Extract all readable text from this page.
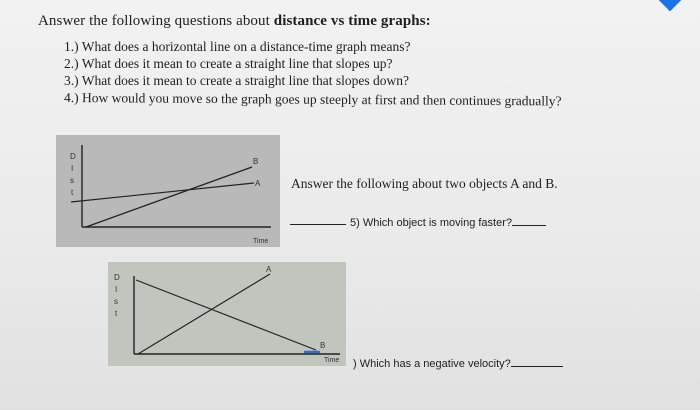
Answer the following questions about distance vs time graphs:
1.) What does a horizontal line on a distance-time graph means?
2.) What does it mean to create a straight line that slopes up?
3.) What does it mean to create a straight line that slopes down?
4.) How would you move so the graph goes up steeply at first and then continues gradually?
D
I
s
t
B
A
Time
Answer the following about two objects A and B.
5) Which object is moving faster?
D
I
s
t
A
B
Time ) Which has a negative velocity?
